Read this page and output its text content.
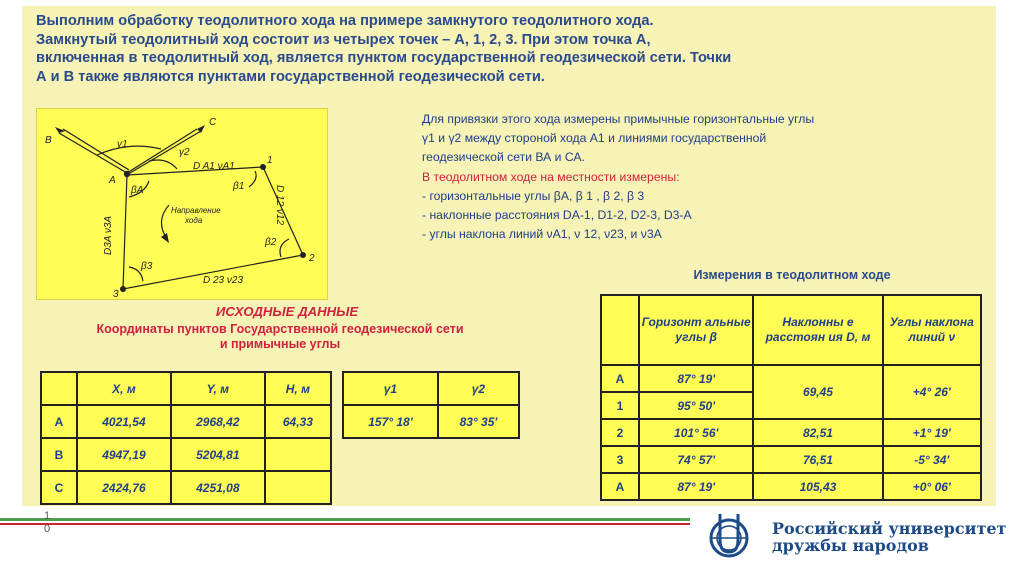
Выполним обработку теодолитного хода на примере замкнутого теодолитного хода.
Замкнутый теодолитный ход состоит из четырех точек – А, 1, 2, 3. При этом точка А,
включенная в теодолитный ход, является пунктом государственной геодезической сети. Точки
А и В также являются пунктами государственной геодезической сети.
B
C
A
1
2
3
γ1
γ2
βA	β1
β2
β3
D A1 νA1
D 12 ν12
D 23 ν23
D3A ν3A
Направление
хода
Для привязки этого хода измерены примычные горизонтальные углы
γ1 и γ2 между стороной хода А1 и линиями государственной
геодезической сети ВА и СА.
В теодолитном ходе на местности измерены:
- горизонтальные углы βA, β 1 , β 2, β 3
- наклонные расстояния DA-1, D1-2, D2-3, D3-A
- углы наклона линий νA1, ν 12, ν23, и ν3A
ИСХОДНЫЕ ДАННЫЕ
Координаты пунктов Государственной геодезической сети
и примычные углы
	X, м	Y, м	H, м
A	4021,54	2968,42	64,33
B	4947,19	5204,81	
C	2424,76	4251,08	
γ1	γ2
157° 18'	83° 35'
Измерения в теодолитном ходе
	Горизонт альные углы β	Наклонны е расстоян ия D, м	Углы наклона линий ν
A	87° 19'	69,45	+4° 26'
1	95° 50'		
2	101° 56'	82,51	+1° 19'
3	74° 57'	76,51	-5° 34'
A	87° 19'	105,43	+0° 06'
1
0	Российский университет
дружбы народов
